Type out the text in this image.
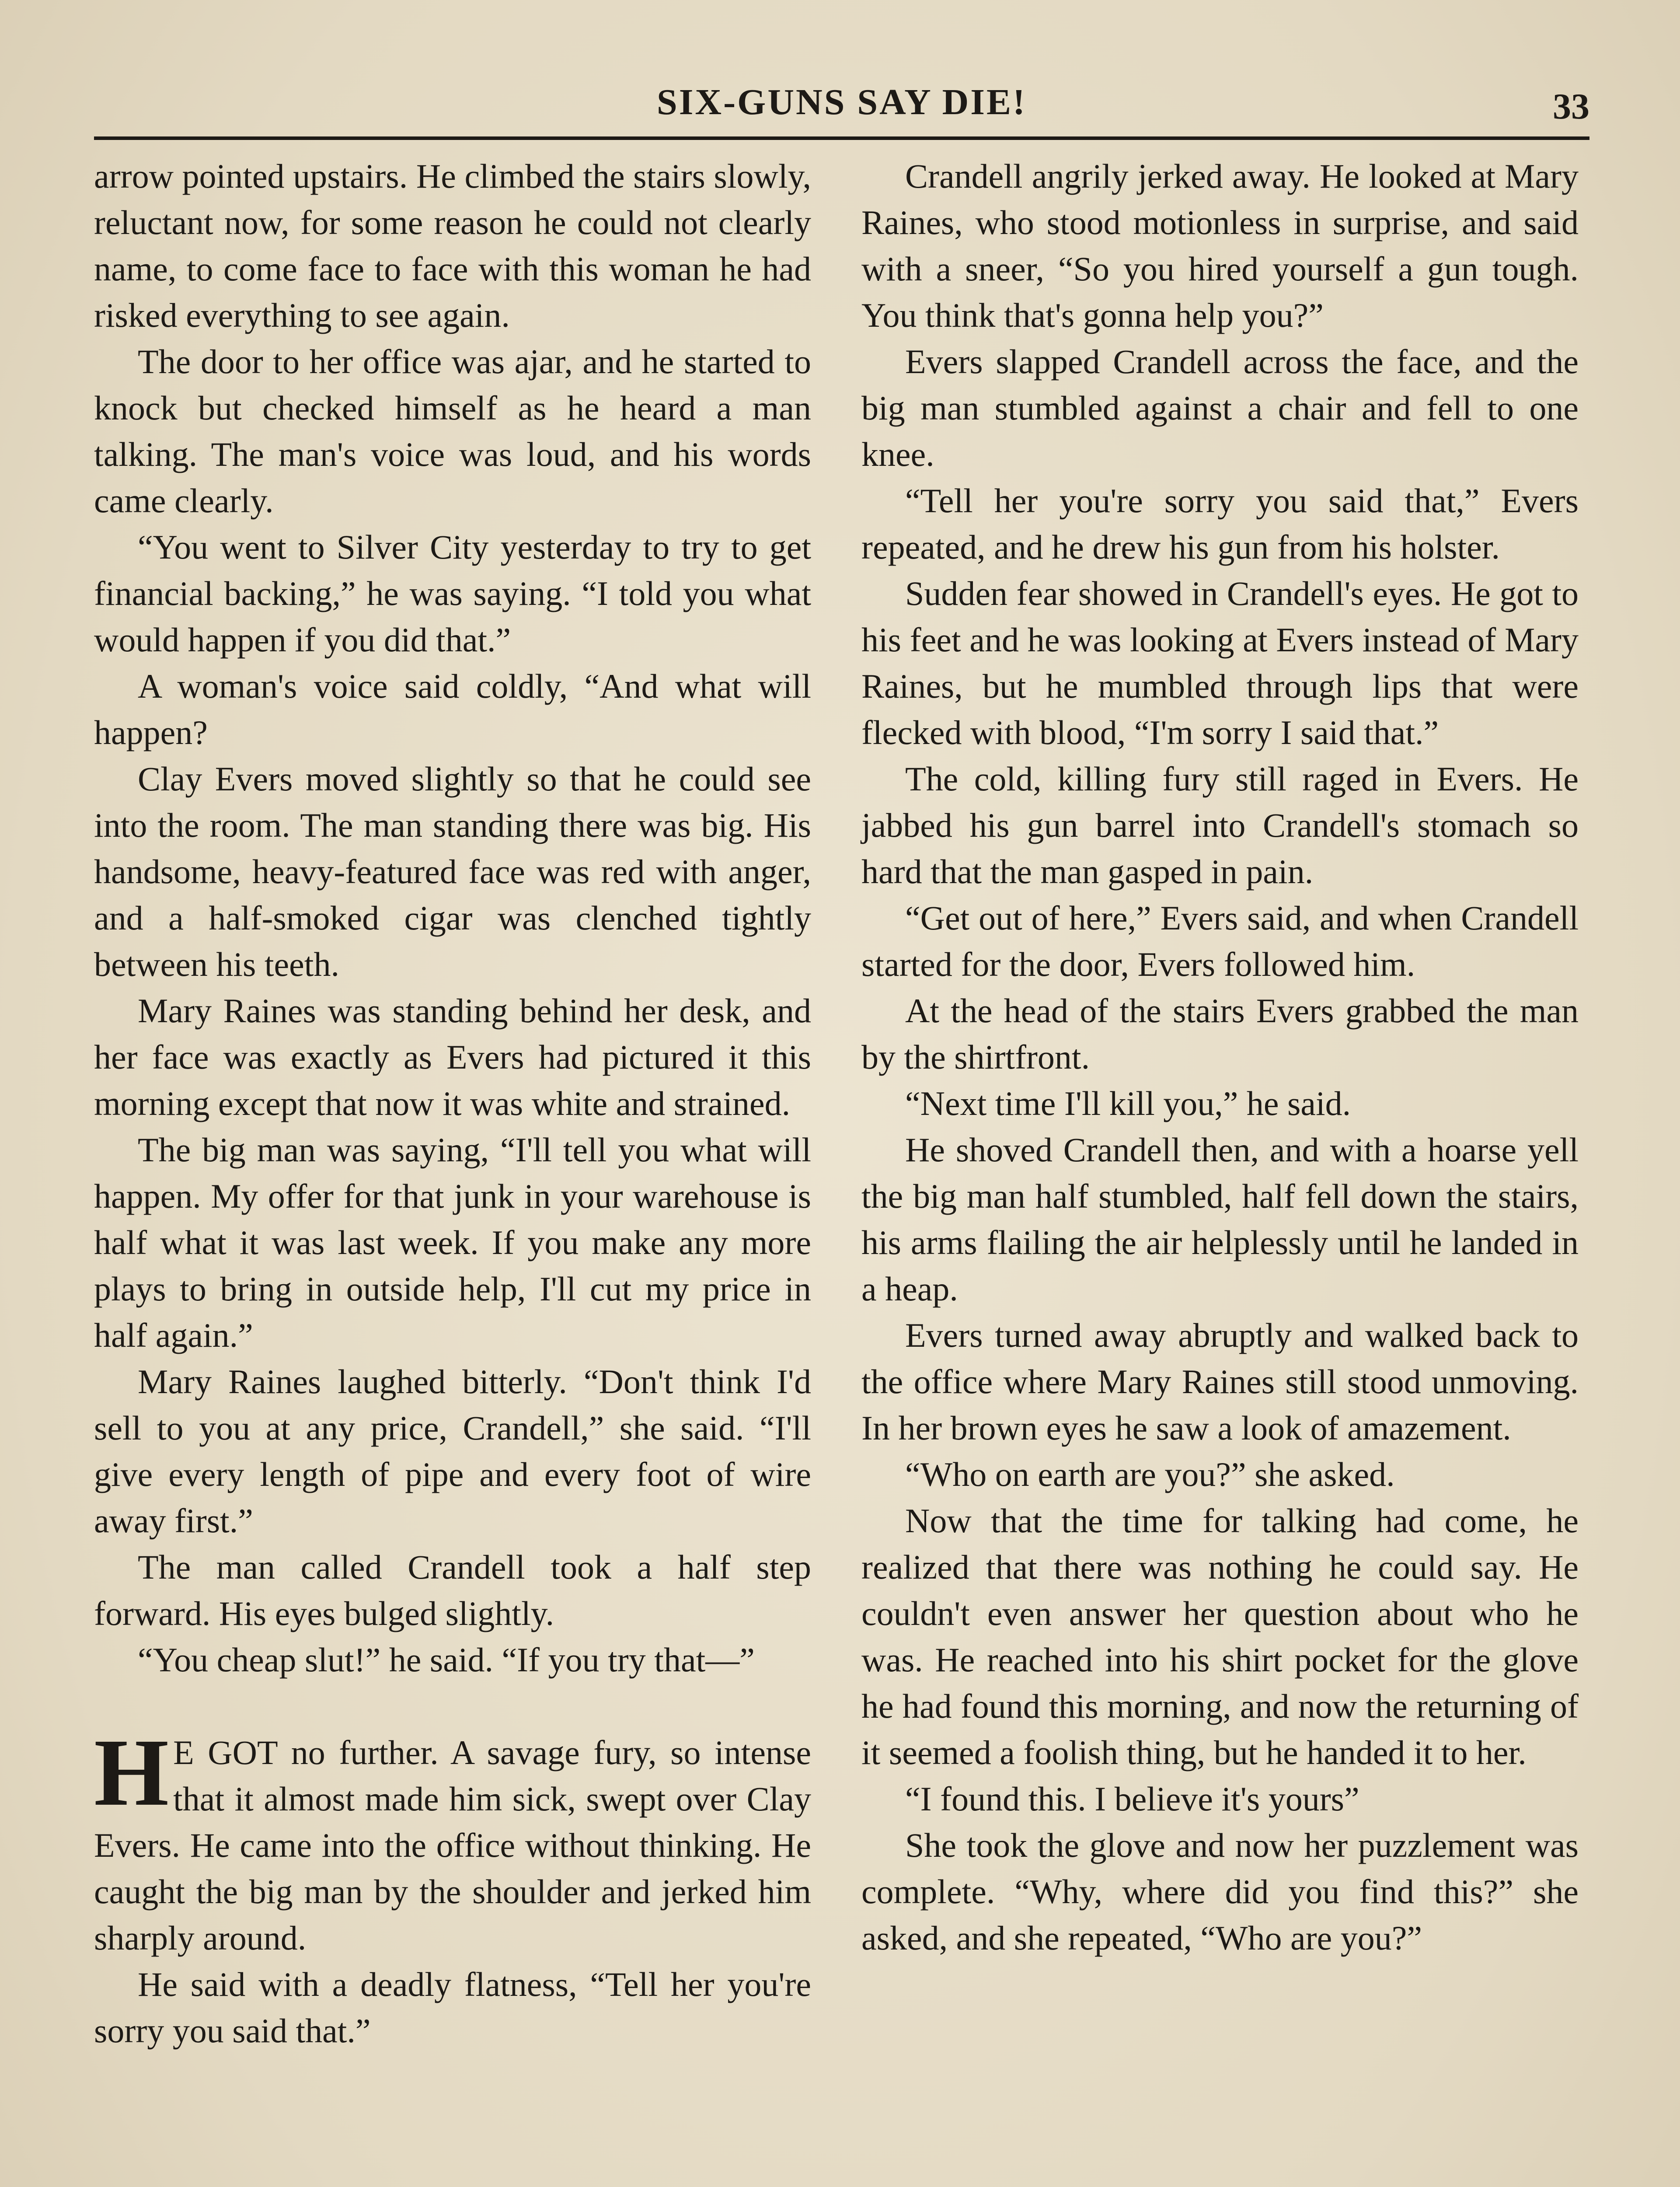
SIX-GUNS SAY DIE!	33

arrow pointed upstairs. He climbed the stairs slowly, reluctant now, for some reason he could not clearly name, to come face to face with this woman he had risked everything to see again.

The door to her office was ajar, and he started to knock but checked himself as he heard a man talking. The man's voice was loud, and his words came clearly.

“You went to Silver City yesterday to try to get financial backing,” he was saying. “I told you what would happen if you did that.”

A woman's voice said coldly, “And what will happen?

Clay Evers moved slightly so that he could see into the room. The man standing there was big. His handsome, heavy-featured face was red with anger, and a half-smoked cigar was clenched tightly between his teeth.

Mary Raines was standing behind her desk, and her face was exactly as Evers had pictured it this morning except that now it was white and strained.

The big man was saying, “I'll tell you what will happen. My offer for that junk in your warehouse is half what it was last week. If you make any more plays to bring in outside help, I'll cut my price in half again.”

Mary Raines laughed bitterly. “Don't think I'd sell to you at any price, Crandell,” she said. “I'll give every length of pipe and every foot of wire away first.”

The man called Crandell took a half step forward. His eyes bulged slightly.

“You cheap slut!” he said. “If you try that—”

H E GOT no further. A savage fury, so intense that it almost made him sick, swept over Clay Evers. He came into the office without thinking. He caught the big man by the shoulder and jerked him sharply around.

He said with a deadly flatness, “Tell her you're sorry you said that.”

Crandell angrily jerked away. He looked at Mary Raines, who stood motionless in surprise, and said with a sneer, “So you hired yourself a gun tough. You think that's gonna help you?”

Evers slapped Crandell across the face, and the big man stumbled against a chair and fell to one knee.

“Tell her you're sorry you said that,” Evers repeated, and he drew his gun from his holster.

Sudden fear showed in Crandell's eyes. He got to his feet and he was looking at Evers instead of Mary Raines, but he mumbled through lips that were flecked with blood, “I'm sorry I said that.”

The cold, killing fury still raged in Evers. He jabbed his gun barrel into Crandell's stomach so hard that the man gasped in pain.

“Get out of here,” Evers said, and when Crandell started for the door, Evers followed him.

At the head of the stairs Evers grabbed the man by the shirtfront.

“Next time I'll kill you,” he said.

He shoved Crandell then, and with a hoarse yell the big man half stumbled, half fell down the stairs, his arms flailing the air helplessly until he landed in a heap.

Evers turned away abruptly and walked back to the office where Mary Raines still stood unmoving. In her brown eyes he saw a look of amazement.

“Who on earth are you?” she asked.

Now that the time for talking had come, he realized that there was nothing he could say. He couldn't even answer her question about who he was. He reached into his shirt pocket for the glove he had found this morning, and now the returning of it seemed a foolish thing, but he handed it to her.

“I found this. I believe it's yours”

She took the glove and now her puzzlement was complete. “Why, where did you find this?” she asked, and she repeated, “Who are you?”
